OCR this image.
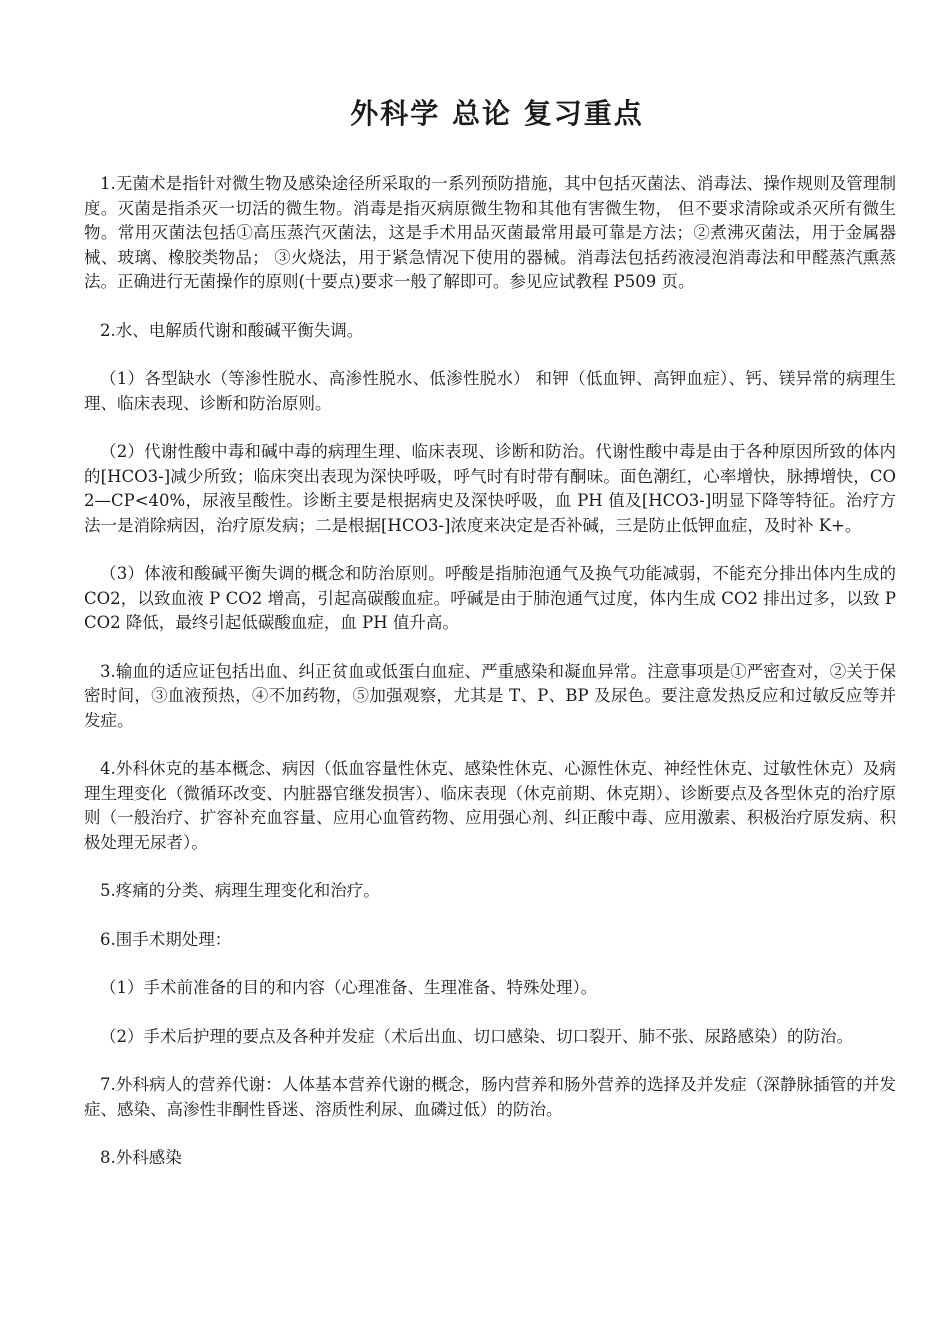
外科学 总论 复习重点

1.无菌术是指针对微生物及感染途径所采取的一系列预防措施，其中包括灭菌法、消毒法、操作规则及管理制度。灭菌是指杀灭一切活的微生物。消毒是指灭病原微生物和其他有害微生物， 但不要求清除或杀灭所有微生物。常用灭菌法包括①高压蒸汽灭菌法，这是手术用品灭菌最常用最可靠是方法；②煮沸灭菌法，用于金属器械、玻璃、橡胶类物品； ③火烧法，用于紧急情况下使用的器械。消毒法包括药液浸泡消毒法和甲醛蒸汽熏蒸法。正确进行无菌操作的原则(十要点)要求一般了解即可。参见应试教程 P509 页。

2.水、电解质代谢和酸碱平衡失调。

（1）各型缺水（等渗性脱水、高渗性脱水、低渗性脱水） 和钾（低血钾、高钾血症）、钙、镁异常的病理生理、临床表现、诊断和防治原则。

（2）代谢性酸中毒和碱中毒的病理生理、临床表现、诊断和防治。代谢性酸中毒是由于各种原因所致的体内的[HCO3-]减少所致；临床突出表现为深快呼吸，呼气时有时带有酮味。面色潮红，心率增快，脉搏增快，CO2—CP<40%，尿液呈酸性。诊断主要是根据病史及深快呼吸，血 PH 值及[HCO3-]明显下降等特征。治疗方法一是消除病因，治疗原发病；二是根据[HCO3-]浓度来决定是否补碱，三是防止低钾血症，及时补 K+。

（3）体液和酸碱平衡失调的概念和防治原则。呼酸是指肺泡通气及换气功能减弱，不能充分排出体内生成的 CO2，以致血液 P CO2 增高，引起高碳酸血症。呼碱是由于肺泡通气过度，体内生成 CO2 排出过多，以致 P CO2 降低，最终引起低碳酸血症，血 PH 值升高。

3.输血的适应证包括出血、纠正贫血或低蛋白血症、严重感染和凝血异常。注意事项是①严密查对，②关于保密时间，③血液预热，④不加药物，⑤加强观察，尤其是 T、P、BP 及尿色。要注意发热反应和过敏反应等并发症。

4.外科休克的基本概念、病因（低血容量性休克、感染性休克、心源性休克、神经性休克、过敏性休克）及病理生理变化（微循环改变、内脏器官继发损害）、临床表现（休克前期、休克期）、诊断要点及各型休克的治疗原则（一般治疗、扩容补充血容量、应用心血管药物、应用强心剂、纠正酸中毒、应用激素、积极治疗原发病、积极处理无尿者）。

5.疼痛的分类、病理生理变化和治疗。

6.围手术期处理：

（1）手术前准备的目的和内容（心理准备、生理准备、特殊处理）。

（2）手术后护理的要点及各种并发症（术后出血、切口感染、切口裂开、肺不张、尿路感染）的防治。

7.外科病人的营养代谢：人体基本营养代谢的概念，肠内营养和肠外营养的选择及并发症（深静脉插管的并发症、感染、高渗性非酮性昏迷、溶质性利尿、血磷过低）的防治。

8.外科感染
